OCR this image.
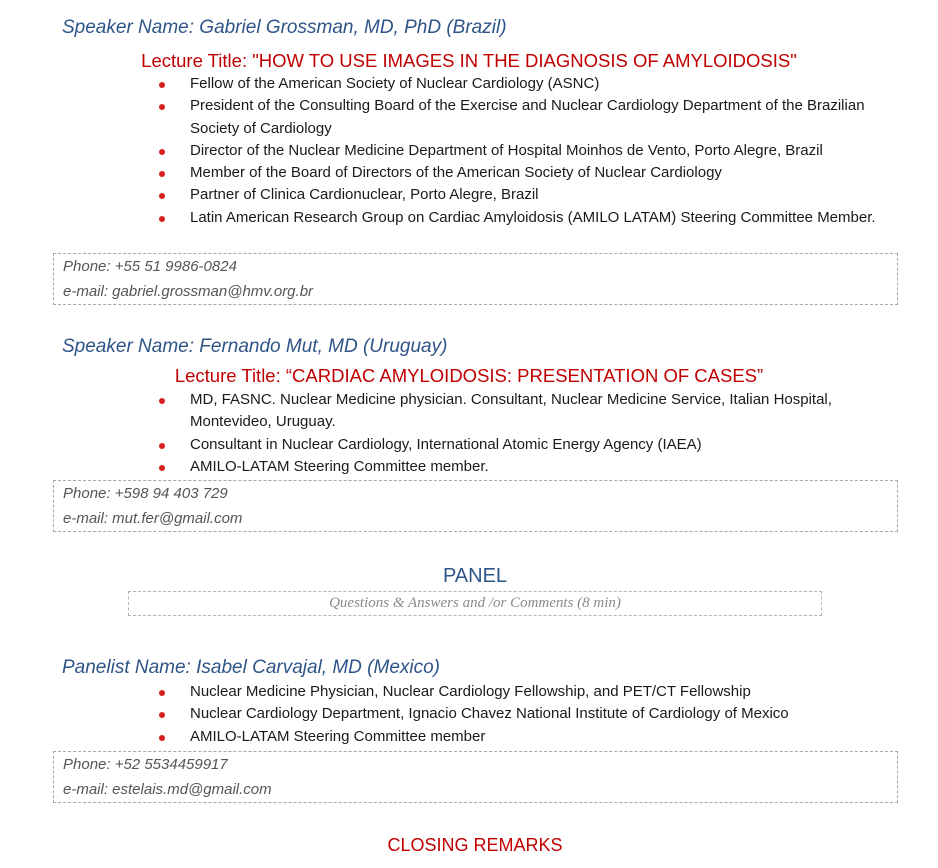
Speaker Name: Gabriel Grossman, MD, PhD (Brazil)
Lecture Title: "HOW TO USE IMAGES IN THE DIAGNOSIS OF AMYLOIDOSIS"
Fellow of the American Society of Nuclear Cardiology (ASNC)
President of the Consulting Board of the Exercise and Nuclear Cardiology Department of the Brazilian Society of Cardiology
Director of the Nuclear Medicine Department of Hospital Moinhos de Vento, Porto Alegre, Brazil
Member of the Board of Directors of the American Society of Nuclear Cardiology
Partner of Clinica Cardionuclear, Porto Alegre, Brazil
Latin American Research Group on Cardiac Amyloidosis (AMILO LATAM) Steering Committee Member.
Phone: +55 51 9986-0824
e-mail: gabriel.grossman@hmv.org.br
Speaker Name: Fernando Mut, MD (Uruguay)
Lecture Title: “CARDIAC AMYLOIDOSIS: PRESENTATION OF CASES”
MD, FASNC. Nuclear Medicine physician. Consultant, Nuclear Medicine Service, Italian Hospital, Montevideo, Uruguay.
Consultant in Nuclear Cardiology, International Atomic Energy Agency (IAEA)
AMILO-LATAM Steering Committee member.
Phone: +598 94 403 729
e-mail: mut.fer@gmail.com
PANEL
Questions & Answers and /or Comments (8 min)
Panelist Name: Isabel Carvajal, MD (Mexico)
Nuclear Medicine Physician, Nuclear Cardiology Fellowship, and PET/CT Fellowship
Nuclear Cardiology Department, Ignacio Chavez National Institute of Cardiology of Mexico
AMILO-LATAM Steering Committee member
Phone: +52 5534459917
e-mail: estelais.md@gmail.com
CLOSING REMARKS
